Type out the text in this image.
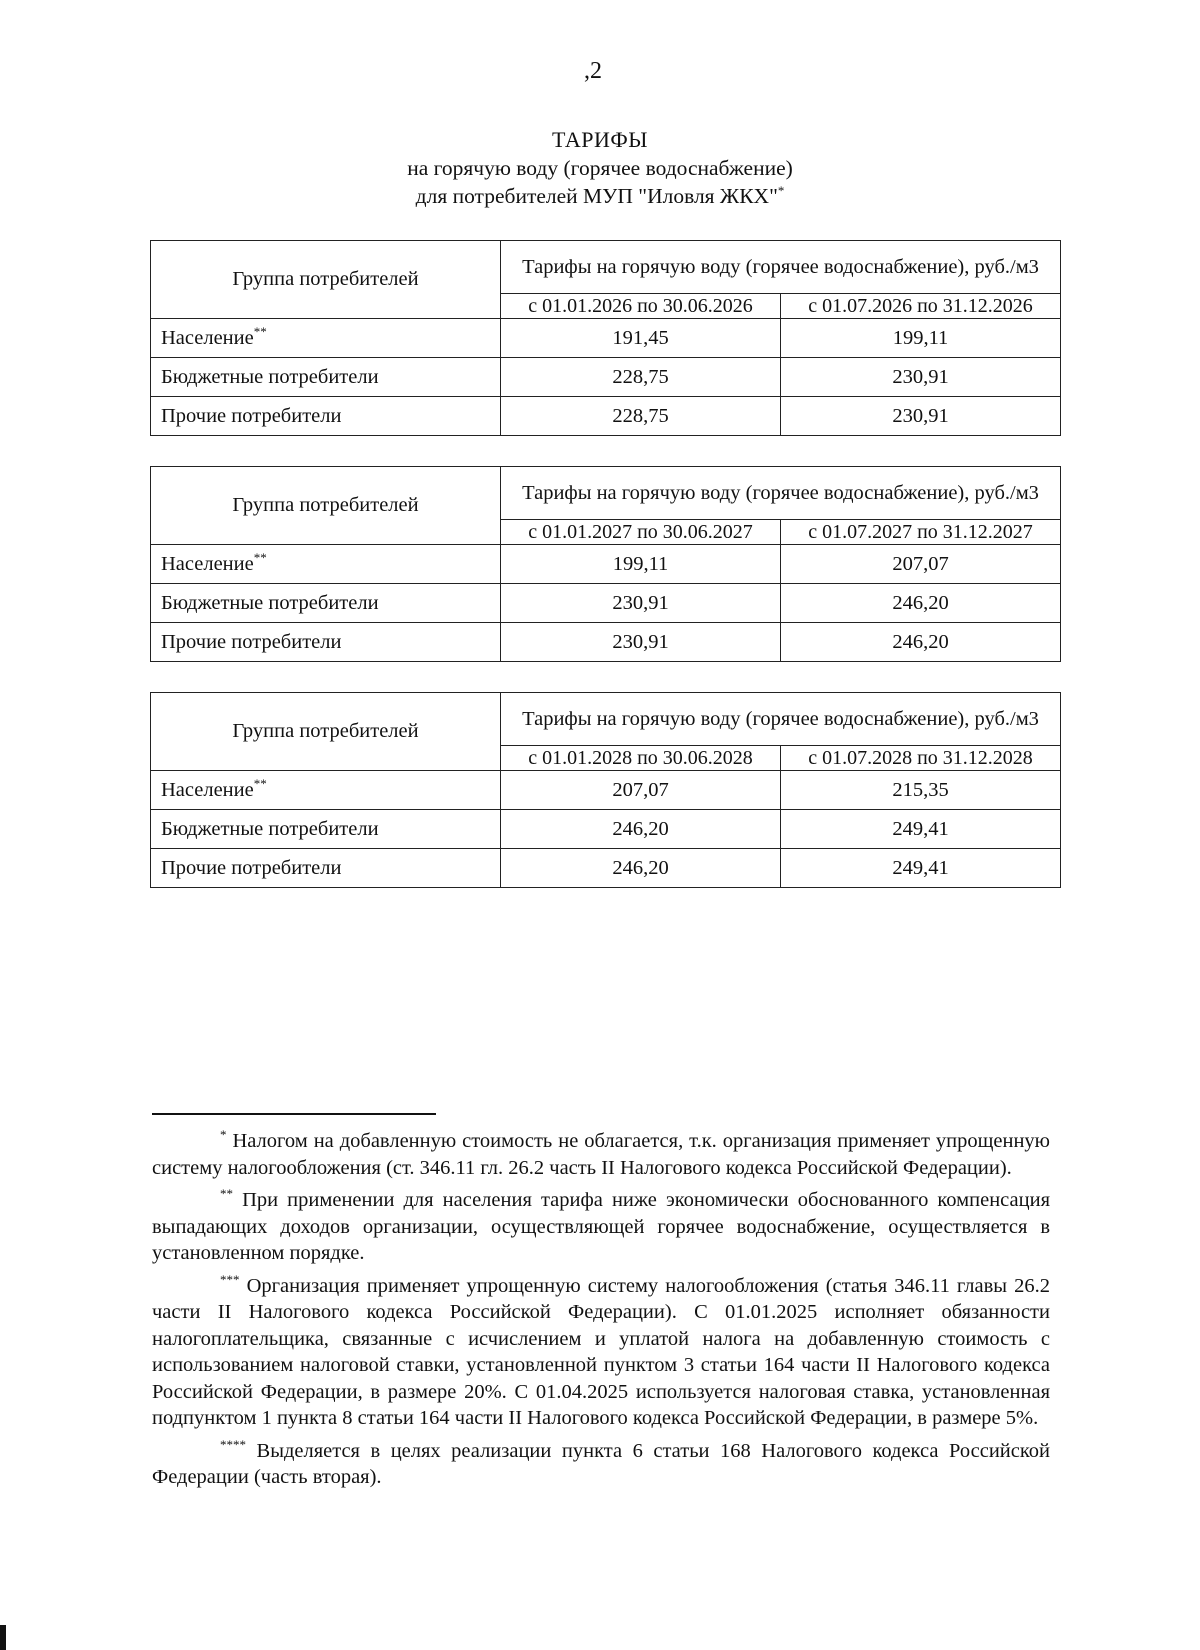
,2
ТАРИФЫ
на горячую воду (горячее водоснабжение)
для потребителей МУП "Иловля ЖКХ"*
Группа потребителей	Тарифы на горячую воду (горячее водоснабжение), руб./м3	
	с 01.01.2026 по 30.06.2026	с 01.07.2026 по 31.12.2026
Население**	191,45	199,11
Бюджетные потребители	228,75	230,91
Прочие потребители	228,75	230,91
Группа потребителей	Тарифы на горячую воду (горячее водоснабжение), руб./м3	
	с 01.01.2027 по 30.06.2027	с 01.07.2027 по 31.12.2027
Население**	199,11	207,07
Бюджетные потребители	230,91	246,20
Прочие потребители	230,91	246,20
Группа потребителей	Тарифы на горячую воду (горячее водоснабжение), руб./м3	
	с 01.01.2028 по 30.06.2028	с 01.07.2028 по 31.12.2028
Население**	207,07	215,35
Бюджетные потребители	246,20	249,41
Прочие потребители	246,20	249,41

* Налогом на добавленную стоимость не облагается, т.к. организация применяет упрощенную систему налогообложения (ст. 346.11 гл. 26.2 часть II Налогового кодекса Российской Федерации).

** При применении для населения тарифа ниже экономически обоснованного компенсация выпадающих доходов организации, осуществляющей горячее водоснабжение, осуществляется в установленном порядке.

*** Организация применяет упрощенную систему налогообложения (статья 346.11 главы 26.2 части II Налогового кодекса Российской Федерации). С 01.01.2025 исполняет обязанности налогоплательщика, связанные с исчислением и уплатой налога на добавленную стоимость с использованием налоговой ставки, установленной пунктом 3 статьи 164 части II Налогового кодекса Российской Федерации, в размере 20%. С 01.04.2025 используется налоговая ставка, установленная подпунктом 1 пункта 8 статьи 164 части II Налогового кодекса Российской Федерации, в размере 5%.

**** Выделяется в целях реализации пункта 6 статьи 168 Налогового кодекса Российской Федерации (часть вторая).
